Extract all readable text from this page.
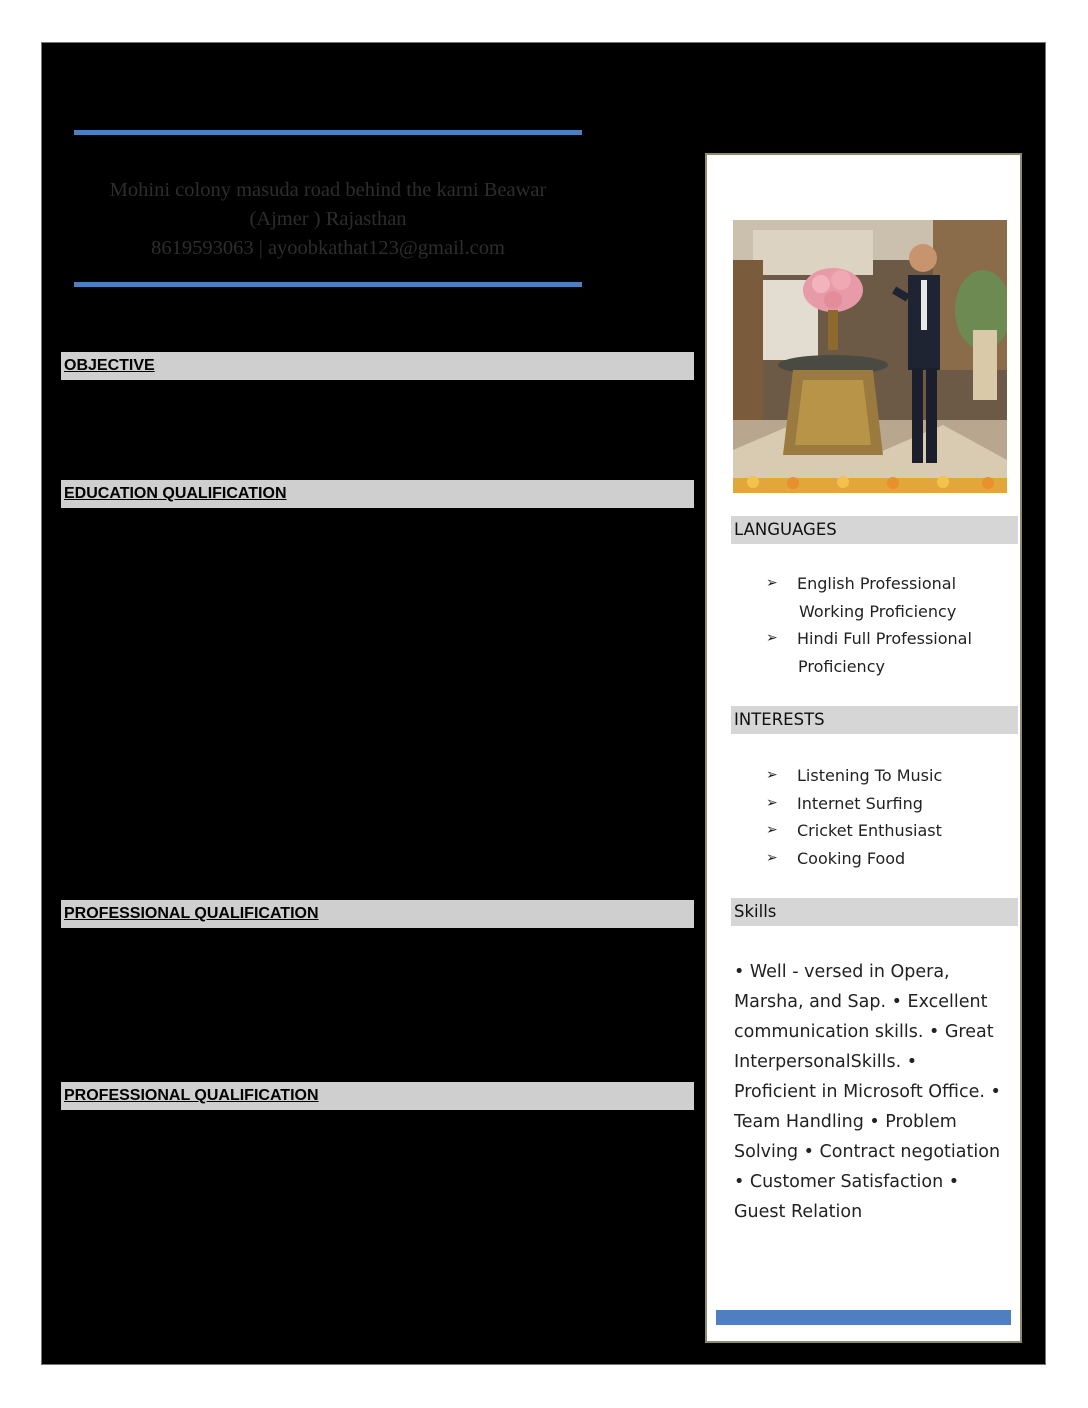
Mohini colony masuda road behind the karni Beawar
(Ajmer ) Rajasthan
8619593063 | ayoobkathat123@gmail.com
OBJECTIVE
EDUCATION QUALIFICATION
PROFESSIONAL QUALIFICATION
PROFESSIONAL QUALIFICATION
LANGUAGES
➢ English Professional
Working Proficiency
➢ Hindi Full Professional
Proficiency
INTERESTS
➢ Listening To Music
➢ Internet Surfing
➢ Cricket Enthusiast
➢ Cooking Food
Skills
• Well - versed in Opera, Marsha, and Sap. • Excellent communication skills. • Great InterpersonalSkills. • Proficient in Microsoft Office. • Team Handling • Problem Solving • Contract negotiation • Customer Satisfaction • Guest Relation
